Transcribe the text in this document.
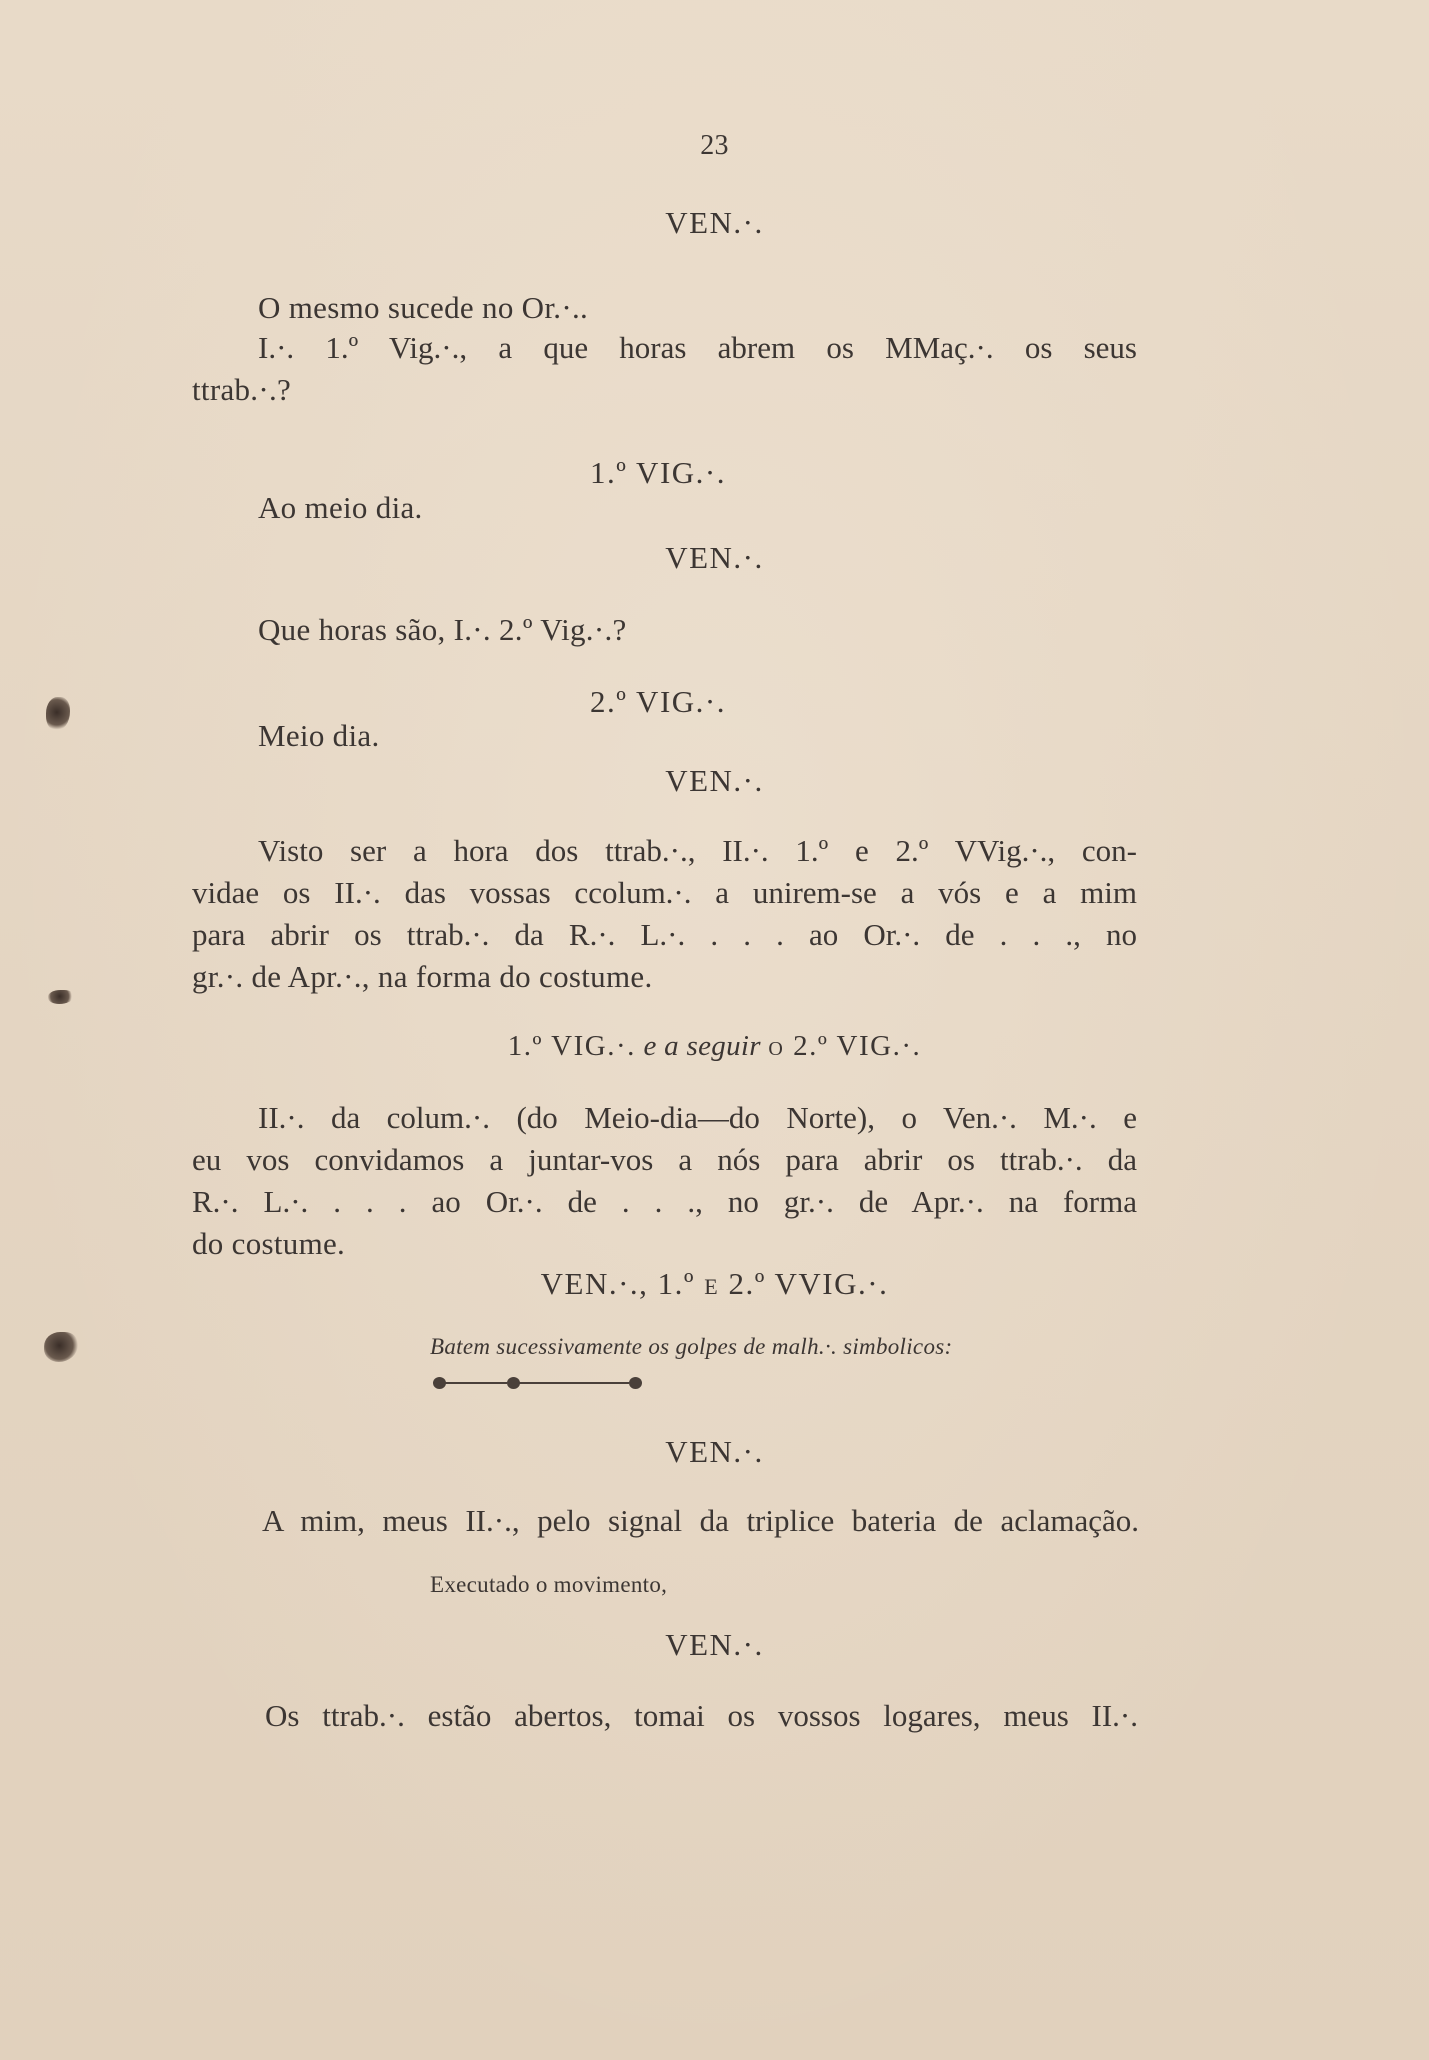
23
VEN.·.
O mesmo sucede no Or.·..
I.·. 1.º Vig.·., a que horas abrem os MMaç.·. os seus
ttrab.·.?
1.º VIG.·.
Ao meio dia.
VEN.·.
Que horas são, I.·. 2.º Vig.·.?
2.º VIG.·.
Meio dia.
VEN.·.
Visto ser a hora dos ttrab.·., II.·. 1.º e 2.º VVig.·., con-
vidae os II.·. das vossas ccolum.·. a unirem-se a vós e a mim
para abrir os ttrab.·. da R.·. L.·. . . . ao Or.·. de . . ., no
gr.·. de Apr.·., na forma do costume.
1.º VIG.·. e a seguir o 2.º VIG.·.
II.·. da colum.·. (do Meio-dia—do Norte), o Ven.·. M.·. e
eu vos convidamos a juntar-vos a nós para abrir os ttrab.·. da
R.·. L.·. . . . ao Or.·. de . . ., no gr.·. de Apr.·. na forma
do costume.
VEN.·., 1.º e 2.º VVIG.·.
Batem sucessivamente os golpes de malh.·. simbolicos:
VEN.·.
A mim, meus II.·., pelo signal da triplice bateria de aclamação.
Executado o movimento,
VEN.·.
Os ttrab.·. estão abertos, tomai os vossos logares, meus II.·.
